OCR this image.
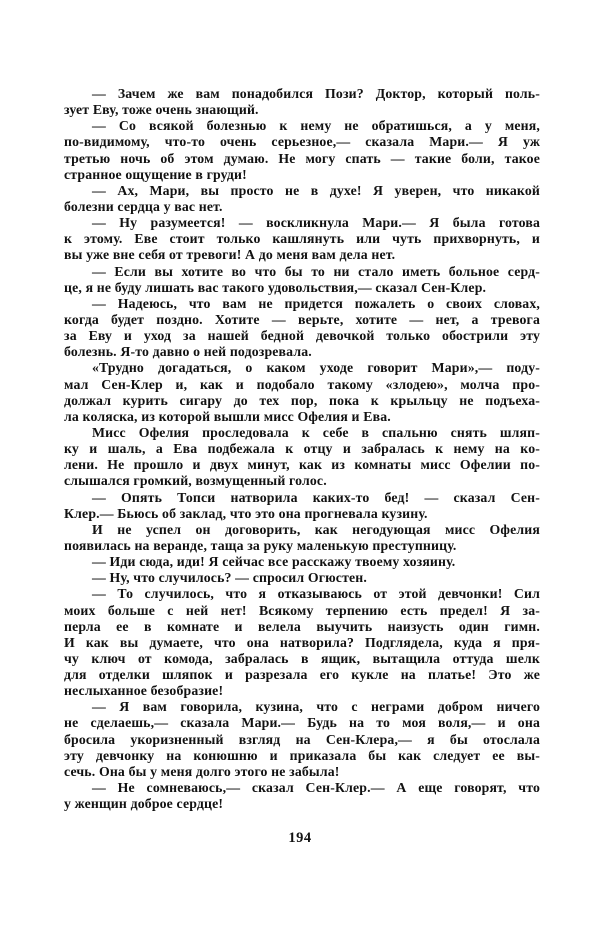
— Зачем же вам понадобился Пози? Доктор, который поль-
зует Еву, тоже очень знающий.

— Со всякой болезнью к нему не обратишься, а у меня,
по-видимому, что-то очень серьезное,— сказала Мари.— Я уж
третью ночь об этом думаю. Не могу спать — такие боли, такое
странное ощущение в груди!

— Ах, Мари, вы просто не в духе! Я уверен, что никакой
болезни сердца у вас нет.

— Ну разумеется! — воскликнула Мари.— Я была готова
к этому. Еве стоит только кашлянуть или чуть прихворнуть, и
вы уже вне себя от тревоги! А до меня вам дела нет.

— Если вы хотите во что бы то ни стало иметь больное серд-
це, я не буду лишать вас такого удовольствия,— сказал Сен-Клер.

— Надеюсь, что вам не придется пожалеть о своих словах,
когда будет поздно. Хотите — верьте, хотите — нет, а тревога
за Еву и уход за нашей бедной девочкой только обострили эту
болезнь. Я-то давно о ней подозревала.

«Трудно догадаться, о каком уходе говорит Мари»,— поду-
мал Сен-Клер и, как и подобало такому «злодею», молча про-
должал курить сигару до тех пор, пока к крыльцу не подъеха-
ла коляска, из которой вышли мисс Офелия и Ева.

Мисс Офелия проследовала к себе в спальню снять шляп-
ку и шаль, а Ева подбежала к отцу и забралась к нему на ко-
лени. Не прошло и двух минут, как из комнаты мисс Офелии по-
слышался громкий, возмущенный голос.

— Опять Топси натворила каких-то бед! — сказал Сен-
Клер.— Бьюсь об заклад, что это она прогневала кузину.

И не успел он договорить, как негодующая мисс Офелия
появилась на веранде, таща за руку маленькую преступницу.

— Иди сюда, иди! Я сейчас все расскажу твоему хозяину.

— Ну, что случилось? — спросил Огюстен.

— То случилось, что я отказываюсь от этой девчонки! Сил
моих больше с ней нет! Всякому терпению есть предел! Я за-
перла ее в комнате и велела выучить наизусть один гимн.
И как вы думаете, что она натворила? Подглядела, куда я пря-
чу ключ от комода, забралась в ящик, вытащила оттуда шелк
для отделки шляпок и разрезала его кукле на платье! Это же
неслыханное безобразие!

— Я вам говорила, кузина, что с неграми добром ничего
не сделаешь,— сказала Мари.— Будь на то моя воля,— и она
бросила укоризненный взгляд на Сен-Клера,— я бы отослала
эту девчонку на конюшню и приказала бы как следует ее вы-
сечь. Она бы у меня долго этого не забыла!

— Не сомневаюсь,— сказал Сен-Клер.— А еще говорят, что
у женщин доброе сердце!

194
